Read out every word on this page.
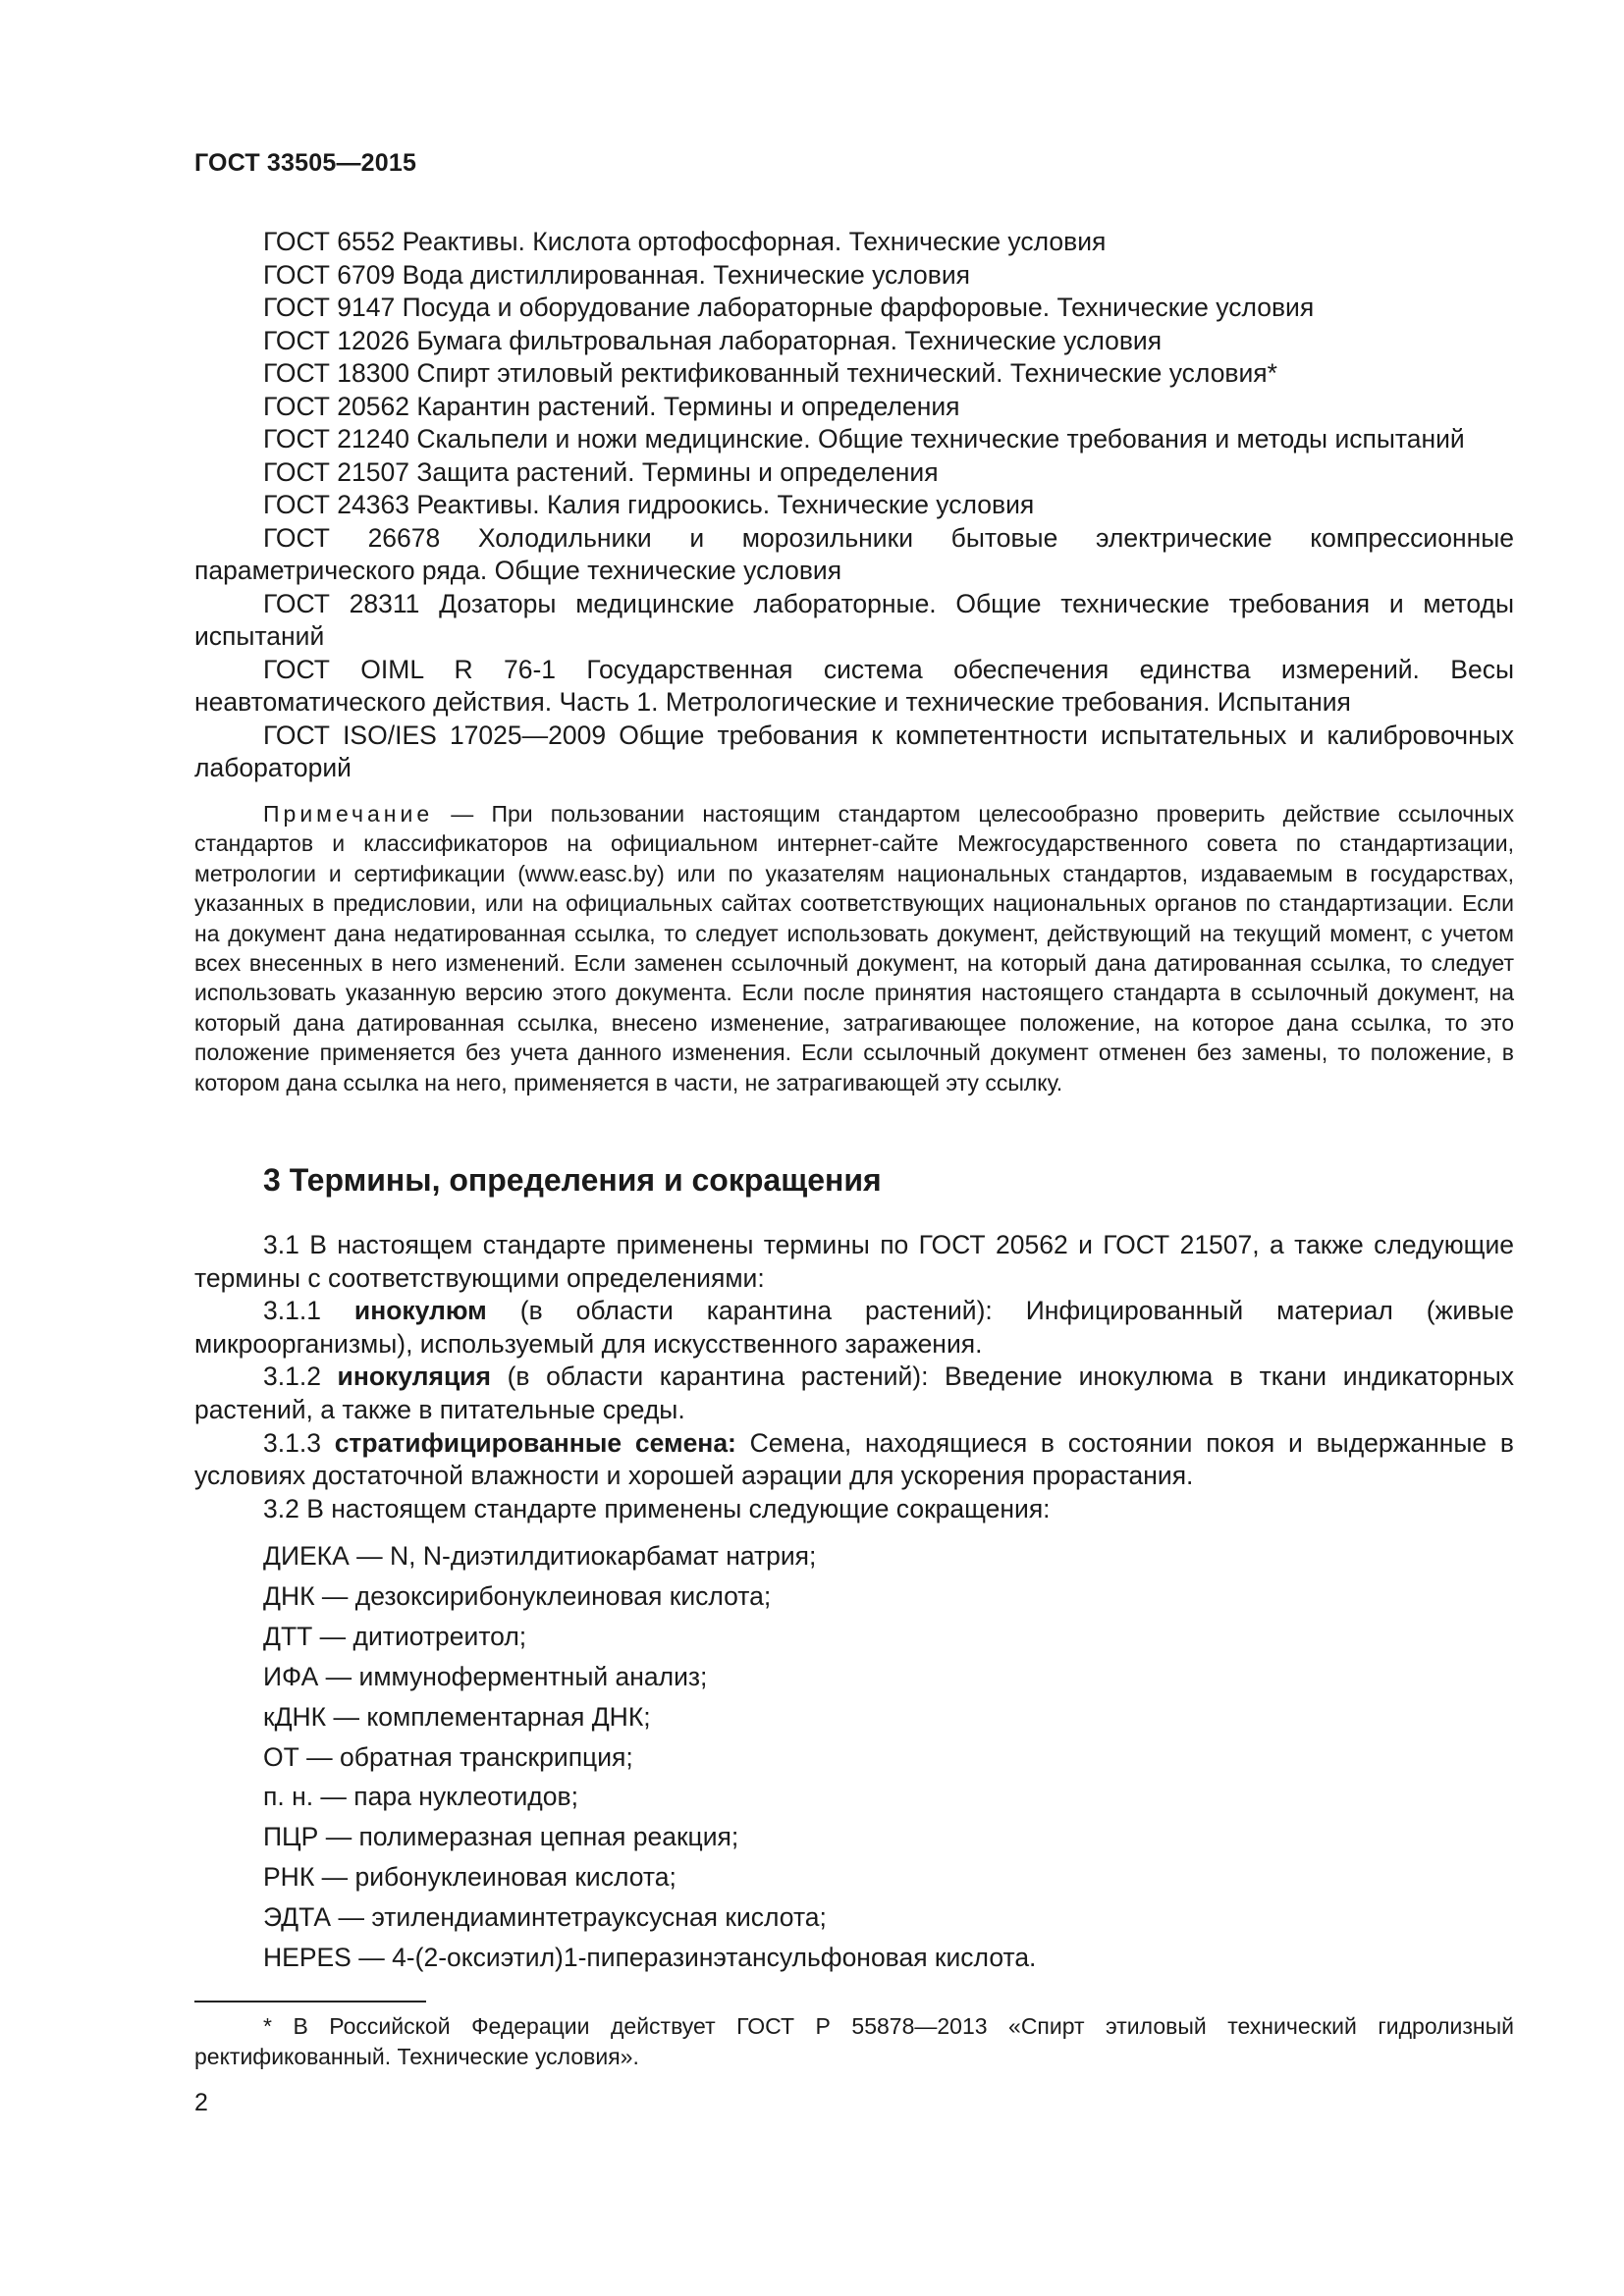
ГОСТ 33505—2015

ГОСТ 6552 Реактивы. Кислота ортофосфорная. Технические условия

ГОСТ 6709 Вода дистиллированная. Технические условия

ГОСТ 9147 Посуда и оборудование лабораторные фарфоровые. Технические условия

ГОСТ 12026 Бумага фильтровальная лабораторная. Технические условия

ГОСТ 18300 Спирт этиловый ректификованный технический. Технические условия*

ГОСТ 20562 Карантин растений. Термины и определения

ГОСТ 21240 Скальпели и ножи медицинские. Общие технические требования и методы испытаний

ГОСТ 21507 Защита растений. Термины и определения

ГОСТ 24363 Реактивы. Калия гидроокись. Технические условия

ГОСТ 26678 Холодильники и морозильники бытовые электрические компрессионные параметрического ряда. Общие технические условия

ГОСТ 28311 Дозаторы медицинские лабораторные. Общие технические требования и методы испытаний

ГОСТ OIML R 76-1 Государственная система обеспечения единства измерений. Весы неавтоматического действия. Часть 1. Метрологические и технические требования. Испытания

ГОСТ ISO/IES 17025—2009 Общие требования к компетентности испытательных и калибровочных лабораторий

Примечание — При пользовании настоящим стандартом целесообразно проверить действие ссылочных стандартов и классификаторов на официальном интернет-сайте Межгосударственного совета по стандартизации, метрологии и сертификации (www.easc.by) или по указателям национальных стандартов, издаваемым в государствах, указанных в предисловии, или на официальных сайтах соответствующих национальных органов по стандартизации. Если на документ дана недатированная ссылка, то следует использовать документ, действующий на текущий момент, с учетом всех внесенных в него изменений. Если заменен ссылочный документ, на который дана датированная ссылка, то следует использовать указанную версию этого документа. Если после принятия настоящего стандарта в ссылочный документ, на который дана датированная ссылка, внесено изменение, затрагивающее положение, на которое дана ссылка, то это положение применяется без учета данного изменения. Если ссылочный документ отменен без замены, то положение, в котором дана ссылка на него, применяется в части, не затрагивающей эту ссылку.
3 Термины, определения и сокращения

3.1 В настоящем стандарте применены термины по ГОСТ 20562 и ГОСТ 21507, а также следующие термины с соответствующими определениями:

3.1.1 инокулюм (в области карантина растений): Инфицированный материал (живые микроорганизмы), используемый для искусственного заражения.

3.1.2 инокуляция (в области карантина растений): Введение инокулюма в ткани индикаторных растений, а также в питательные среды.

3.1.3 стратифицированные семена: Семена, находящиеся в состоянии покоя и выдержанные в условиях достаточной влажности и хорошей аэрации для ускорения прорастания.

3.2 В настоящем стандарте применены следующие сокращения:

ДИЕКА — N, N-диэтилдитиокарбамат натрия;
ДНК — дезоксирибонуклеиновая кислота;
ДТТ — дитиотреитол;
ИФА — иммуноферментный анализ;
кДНК — комплементарная ДНК;
ОТ — обратная транскрипция;
п. н. — пара нуклеотидов;
ПЦР — полимеразная цепная реакция;
РНК — рибонуклеиновая кислота;
ЭДТА — этилендиаминтетрауксусная кислота;
HEPES — 4-(2-оксиэтил)1-пиперазинэтансульфоновая кислота.
* В Российской Федерации действует ГОСТ Р 55878—2013 «Спирт этиловый технический гидролизный ректификованный. Технические условия».
2
